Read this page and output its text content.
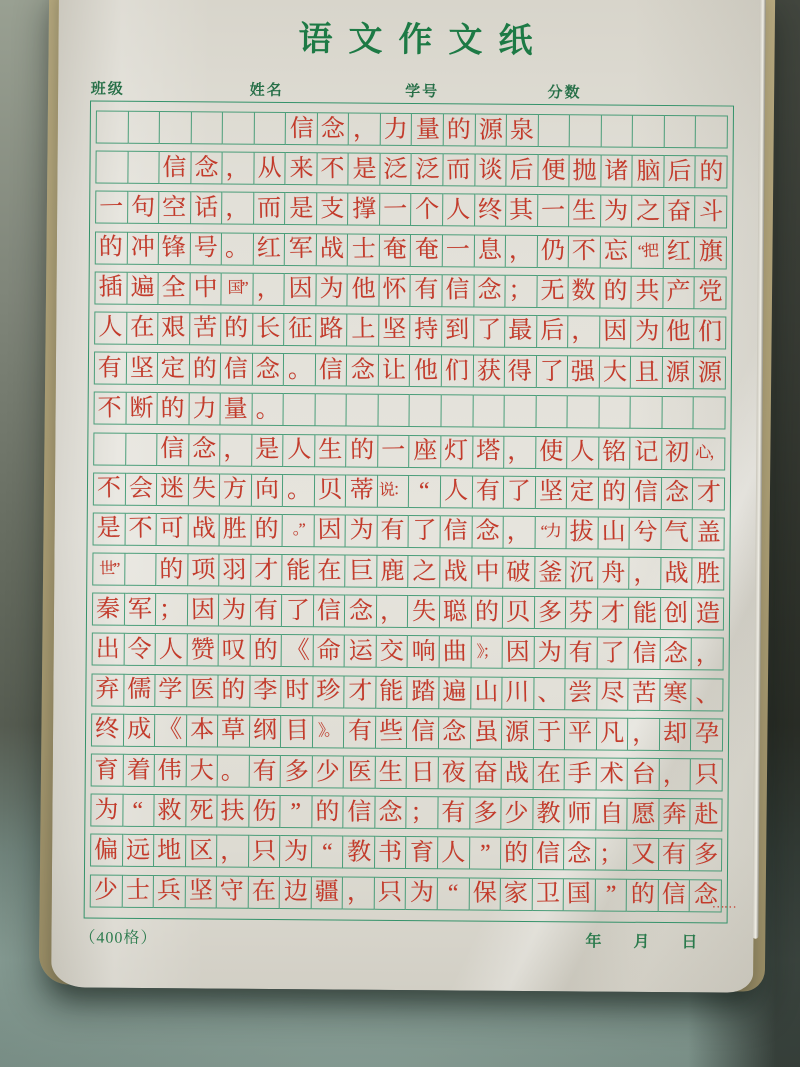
语文作文纸
班级	姓名	学号	分数
信 念 ， 力 量 的 源 泉
信 念 ， 从 来 不 是 泛 泛 而 谈 后 便 抛 诸 脑 后 的
一 句 空 话 ， 而 是 支 撑 一 个 人 终 其 一 生 为 之 奋 斗
的 冲 锋 号 。 红 军 战 士 奄 奄 一 息 ， 仍 不 忘 “把 红 旗
插 遍 全 中 国” ， 因 为 他 怀 有 信 念 ； 无 数 的 共 产 党
人 在 艰 苦 的 长 征 路 上 坚 持 到 了 最 后 ， 因 为 他 们
有 坚 定 的 信 念 。 信 念 让 他 们 获 得 了 强 大 且 源 源
不 断 的 力 量 。
信 念 ， 是 人 生 的 一 座 灯 塔 ， 使 人 铭 记 初 心，
不 会 迷 失 方 向 。 贝 蒂 说： “ 人 有 了 坚 定 的 信 念 才
是 不 可 战 胜 的 。” 因 为 有 了 信 念 ， “力 拔 山 兮 气 盖
世” 的 项 羽 才 能 在 巨 鹿 之 战 中 破 釜 沉 舟 ， 战 胜
秦 军 ； 因 为 有 了 信 念 ， 失 聪 的 贝 多 芬 才 能 创 造
出 令 人 赞 叹 的 《 命 运 交 响 曲 》； 因 为 有 了 信 念 ，
弃 儒 学 医 的 李 时 珍 才 能 踏 遍 山 川 、 尝 尽 苦 寒 、
终 成 《 本 草 纲 目 》。 有 些 信 念 虽 源 于 平 凡 ， 却 孕
育 着 伟 大 。 有 多 少 医 生 日 夜 奋 战 在 手 术 台 ， 只
为 “ 救 死 扶 伤 ” 的 信 念 ； 有 多 少 教 师 自 愿 奔 赴
偏 远 地 区 ， 只 为 “ 教 书 育 人 ” 的 信 念 ； 又 有 多
少 士 兵 坚 守 在 边 疆 ， 只 为 “ 保 家 卫 国 ” 的 信 念
……
（400格）	年　　月　　日
